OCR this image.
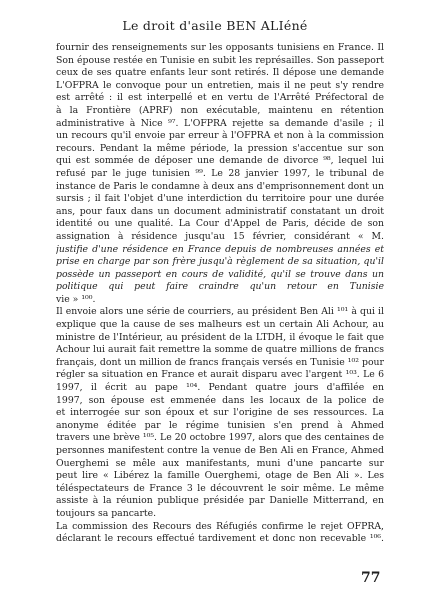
Le droit d'asile BEN ALIéné
fournir des renseignements sur les opposants tunisiens en France. Il
Son épouse restée en Tunisie en subit les représailles. Son passeport
ceux de ses quatre enfants leur sont retirés. Il dépose une demande
L'OFPRA le convoque pour un entretien, mais il ne peut s'y rendre
est arrêté : il est interpellé et en vertu de l'Arrêté Préfectoral de
à la Frontière (APRF) non exécutable, maintenu en rétention
administrative à Nice ⁹⁷. L'OFPRA rejette sa demande d'asile ; il
un recours qu'il envoie par erreur à l'OFPRA et non à la commission
recours. Pendant la même période, la pression s'accentue sur son
qui est sommée de déposer une demande de divorce ⁹⁸, lequel lui
refusé par le juge tunisien ⁹⁹. Le 28 janvier 1997, le tribunal de
instance de Paris le condamne à deux ans d'emprisonnement dont un
sursis ; il fait l'objet d'une interdiction du territoire pour une durée
ans, pour faux dans un document administratif constatant un droit
identité ou une qualité. La Cour d'Appel de Paris, décide de son
assignation à résidence jusqu'au 15 février, considérant « M.
justifie d'une résidence en France depuis de nombreuses années et
prise en charge par son frère jusqu'à règlement de sa situation, qu'il
possède un passeport en cours de validité, qu'il se trouve dans un
politique qui peut faire craindre qu'un retour en Tunisie
vie » ¹⁰⁰.
Il envoie alors une série de courriers, au président Ben Ali ¹⁰¹ à qui il
explique que la cause de ses malheurs est un certain Ali Achour, au
ministre de l'Intérieur, au président de la LTDH, il évoque le fait que
Achour lui aurait fait remettre la somme de quatre millions de francs
français, dont un million de francs français versés en Tunisie ¹⁰² pour
régler sa situation en France et aurait disparu avec l'argent ¹⁰³. Le 6
1997, il écrit au pape ¹⁰⁴. Pendant quatre jours d'affilée en
1997, son épouse est emmenée dans les locaux de la police de
et interrogée sur son époux et sur l'origine de ses ressources. La
anonyme éditée par le régime tunisien s'en prend à Ahmed
travers une brève ¹⁰⁵. Le 20 octobre 1997, alors que des centaines de
personnes manifestent contre la venue de Ben Ali en France, Ahmed
Ouerghemi se mêle aux manifestants, muni d'une pancarte sur
peut lire « Libérez la famille Ouerghemi, otage de Ben Ali ». Les
téléspectateurs de France 3 le découvrent le soir même. Le même
assiste à la réunion publique présidée par Danielle Mitterrand, en
toujours sa pancarte.
La commission des Recours des Réfugiés confirme le rejet OFPRA,
déclarant le recours effectué tardivement et donc non recevable ¹⁰⁶.
77
